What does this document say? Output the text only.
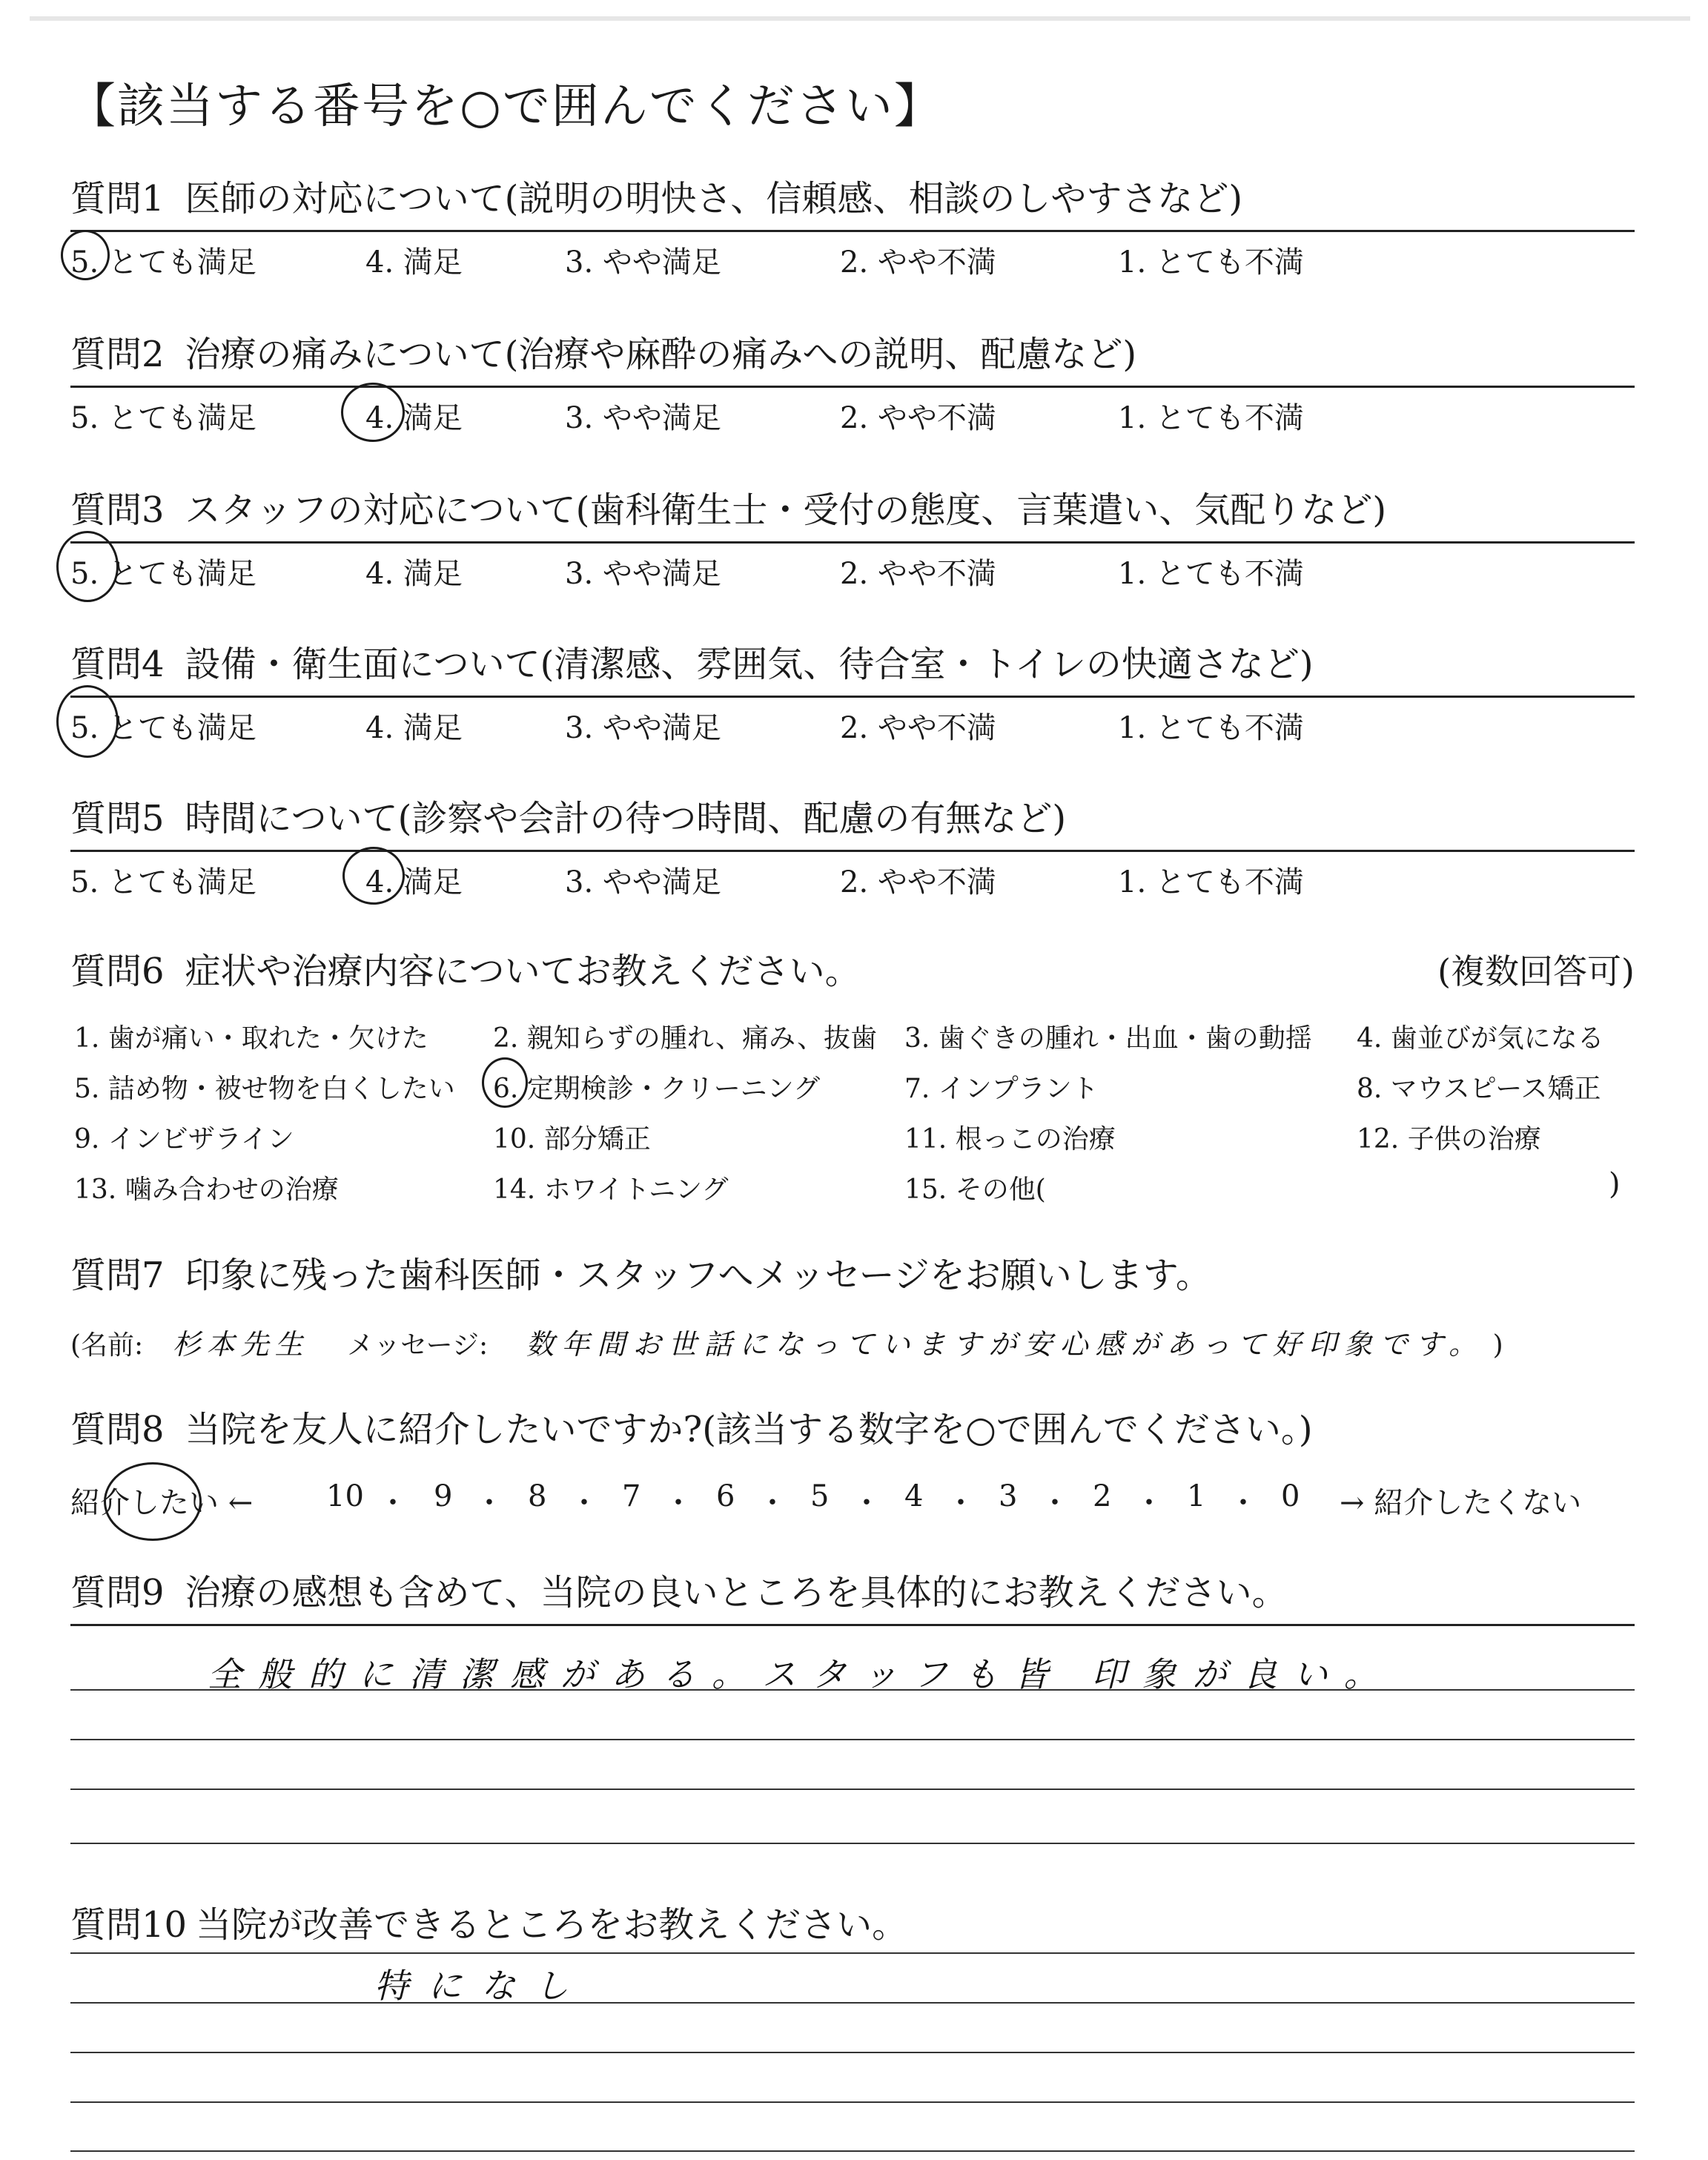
【該当する番号を○で囲んでください】
質問1 医師の対応について(説明の明快さ、信頼感、相談のしやすさなど)
5. とても満足	4. 満足	3. やや満足	2. やや不満	1. とても不満
質問2 治療の痛みについて(治療や麻酔の痛みへの説明、配慮など)
5. とても満足	4. 満足	3. やや満足	2. やや不満	1. とても不満
質問3 スタッフの対応について(歯科衛生士・受付の態度、言葉遣い、気配りなど)
5. とても満足	4. 満足	3. やや満足	2. やや不満	1. とても不満
質問4 設備・衛生面について(清潔感、雰囲気、待合室・トイレの快適さなど)
5. とても満足	4. 満足	3. やや満足	2. やや不満	1. とても不満
質問5 時間について(診察や会計の待つ時間、配慮の有無など)
5. とても満足	4. 満足	3. やや満足	2. やや不満	1. とても不満
質問6 症状や治療内容についてお教えください。	(複数回答可)
1. 歯が痛い・取れた・欠けた 2. 親知らずの腫れ、痛み、抜歯 3. 歯ぐきの腫れ・出血・歯の動揺 4. 歯並びが気になる
5. 詰め物・被せ物を白くしたい 6. 定期検診・クリーニング	7. インプラント	8. マウスピース矯正
9. インビザライン	10. 部分矯正	11. 根っこの治療	12. 子供の治療
13. 噛み合わせの治療	14. ホワイトニング	15. その他(	)
質問7 印象に残った歯科医師・スタッフへメッセージをお願いします。
(名前: 杉本先生 メッセージ: 数年間お世話になっていますが安心感があって好印象です。 )
質問8 当院を友人に紹介したいですか?(該当する数字を○で囲んでください。)
紹介したい ← 10 ・ 9 ・ 8 ・ 7 ・ 6 ・ 5 ・ 4 ・ 3 ・ 2 ・ 1 ・ 0 → 紹介したくない
質問9 治療の感想も含めて、当院の良いところを具体的にお教えください。
全般的に清潔感がある。スタッフも皆 印象が良い。
質問10 当院が改善できるところをお教えください。
特になし
